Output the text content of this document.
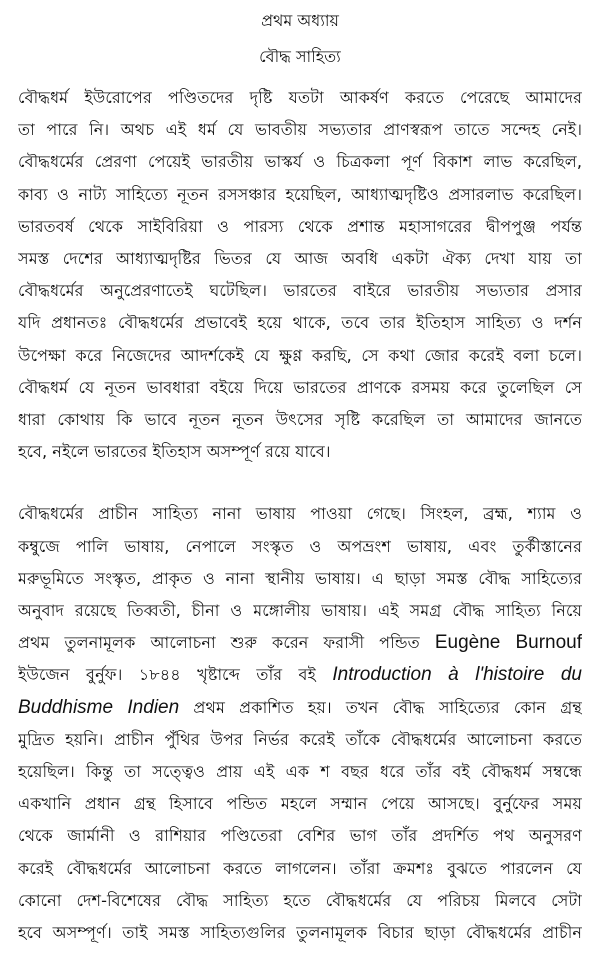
প্রথম অধ্যায়
বৌদ্ধ সাহিত্য
বৌদ্ধধর্ম ইউরোপের পণ্ডিতদের দৃষ্টি যতটা আকর্ষণ করতে পেরেছে আমাদের
তা পারে নি। অথচ এই ধর্ম যে ভাবতীয় সভ্যতার প্রাণস্বরূপ তাতে সন্দেহ নেই।
বৌদ্ধধর্মের প্রেরণা পেয়েই ভারতীয় ভাস্কর্য ও চিত্রকলা পূর্ণ বিকাশ লাভ করেছিল,
কাব্য ও নাট্য সাহিত্যে নূতন রসসঞ্চার হয়েছিল, আধ্যাত্মদৃষ্টিও প্রসারলাভ করেছিল।
ভারতবর্ষ থেকে সাইবিরিয়া ও পারস্য থেকে প্রশান্ত মহাসাগরের দ্বীপপুঞ্জ পর্যন্ত
সমস্ত দেশের আধ্যাত্মদৃষ্টির ভিতর যে আজ অবধি একটা ঐক্য দেখা যায় তা
বৌদ্ধধর্মের অনুপ্রেরণাতেই ঘটেছিল। ভারতের বাইরে ভারতীয় সভ্যতার প্রসার
যদি প্রধানতঃ বৌদ্ধধর্মের প্রভাবেই হয়ে থাকে, তবে তার ইতিহাস সাহিত্য ও দর্শন
উপেক্ষা করে নিজেদের আদর্শকেই যে ক্ষুণ্ণ করছি, সে কথা জোর করেই বলা চলে।
বৌদ্ধধর্ম যে নূতন ভাবধারা বইয়ে দিয়ে ভারতের প্রাণকে রসময় করে তুলেছিল সে
ধারা কোথায় কি ভাবে নূতন নূতন উৎসের সৃষ্টি করেছিল তা আমাদের জানতে
হবে, নইলে ভারতের ইতিহাস অসম্পূর্ণ রয়ে যাবে।
বৌদ্ধধর্মের প্রাচীন সাহিত্য নানা ভাষায় পাওয়া গেছে। সিংহল, ব্রহ্ম, শ্যাম ও
কম্বুজে পালি ভাষায়, নেপালে সংস্কৃত ও অপভ্রংশ ভাষায়, এবং তুর্কীস্তানের
মরুভূমিতে সংস্কৃত, প্রাকৃত ও নানা স্থানীয় ভাষায়। এ ছাড়া সমস্ত বৌদ্ধ সাহিত্যের
অনুবাদ রয়েছে তিব্বতী, চীনা ও মঙ্গোলীয় ভাষায়। এই সমগ্র বৌদ্ধ সাহিত্য নিয়ে
প্রথম তুলনামূলক আলোচনা শুরু করেন ফরাসী পন্ডিত Eugène Burnouf
ইউজেন বুর্নুফ। ১৮৪৪ খৃষ্টাব্দে তাঁর বই Introduction à l'histoire du
Buddhisme Indien প্রথম প্রকাশিত হয়। তখন বৌদ্ধ সাহিত্যের কোন গ্রন্থ
মুদ্রিত হয়নি। প্রাচীন পুঁথির উপর নির্ভর করেই তাঁকে বৌদ্ধধর্মের আলোচনা করতে
হয়েছিল। কিন্তু তা সত্ত্বেও প্রায় এই এক শ বছর ধরে তাঁর বই বৌদ্ধধর্ম সম্বন্ধে
একখানি প্রধান গ্রন্থ হিসাবে পন্ডিত মহলে সম্মান পেয়ে আসছে। বুর্নুফের সময়
থেকে জার্মানী ও রাশিয়ার পণ্ডিতেরা বেশির ভাগ তাঁর প্রদর্শিত পথ অনুসরণ
করেই বৌদ্ধধর্মের আলোচনা করতে লাগলেন। তাঁরা ক্রমশঃ বুঝতে পারলেন যে
কোনো দেশ-বিশেষের বৌদ্ধ সাহিত্য হতে বৌদ্ধধর্মের যে পরিচয় মিলবে সেটা
হবে অসম্পূর্ণ। তাই সমস্ত সাহিত্যগুলির তুলনামূলক বিচার ছাড়া বৌদ্ধধর্মের প্রাচীন
